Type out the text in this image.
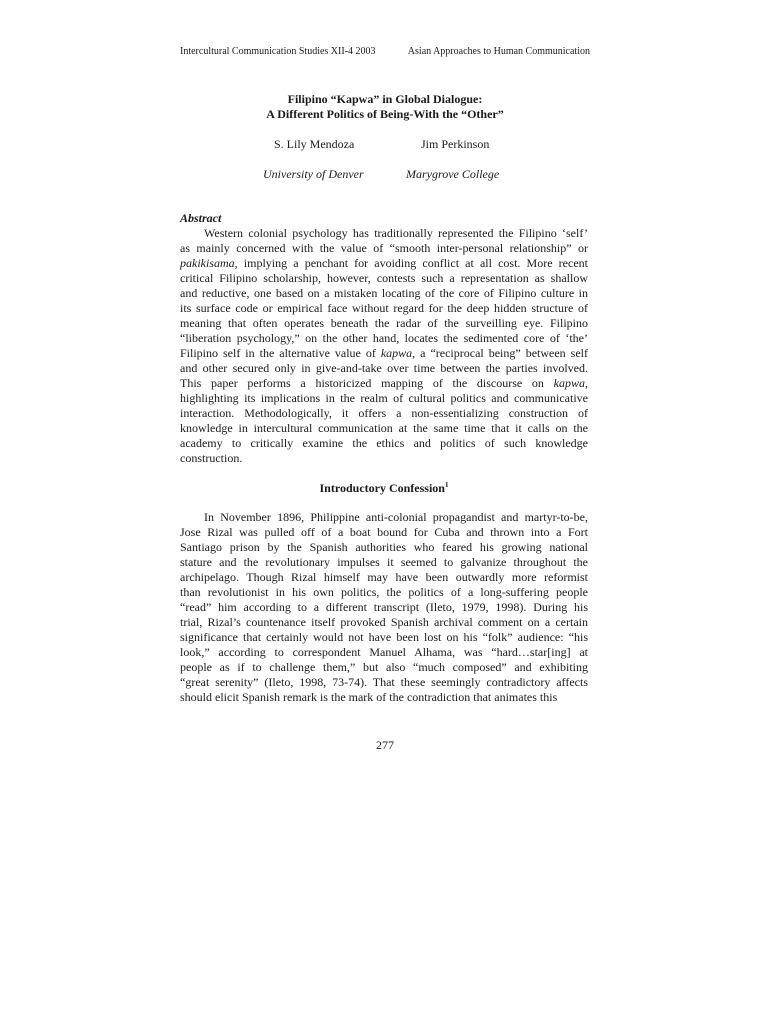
Intercultural Communication Studies XII-4 2003	Asian Approaches to Human Communication
Filipino “Kapwa” in Global Dialogue:
A Different Politics of Being-With the “Other”
S. Lily Mendoza	Jim Perkinson
University of Denver	Marygrove College

Abstract

Western colonial psychology has traditionally represented the Filipino ‘self’
as mainly concerned with the value of “smooth inter-personal relationship” or
pakikisama, implying a penchant for avoiding conflict at all cost. More recent
critical Filipino scholarship, however, contests such a representation as shallow
and reductive, one based on a mistaken locating of the core of Filipino culture in
its surface code or empirical face without regard for the deep hidden structure of
meaning that often operates beneath the radar of the surveilling eye. Filipino
“liberation psychology,” on the other hand, locates the sedimented core of ‘the’
Filipino self in the alternative value of kapwa, a “reciprocal being” between self
and other secured only in give-and-take over time between the parties involved.
This paper performs a historicized mapping of the discourse on kapwa,
highlighting its implications in the realm of cultural politics and communicative
interaction. Methodologically, it offers a non-essentializing construction of
knowledge in intercultural communication at the same time that it calls on the
academy to critically examine the ethics and politics of such knowledge
construction.

Introductory Confession$^1$

In November 1896, Philippine anti-colonial propagandist and martyr-to-be,
Jose Rizal was pulled off of a boat bound for Cuba and thrown into a Fort
Santiago prison by the Spanish authorities who feared his growing national
stature and the revolutionary impulses it seemed to galvanize throughout the
archipelago. Though Rizal himself may have been outwardly more reformist
than revolutionist in his own politics, the politics of a long-suffering people
“read” him according to a different transcript (Ileto, 1979, 1998). During his
trial, Rizal’s countenance itself provoked Spanish archival comment on a certain
significance that certainly would not have been lost on his “folk” audience: “his
look,” according to correspondent Manuel Alhama, was “hard…star[ing] at
people as if to challenge them,” but also “much composed” and exhibiting
“great serenity” (Ileto, 1998, 73-74). That these seemingly contradictory affects
should elicit Spanish remark is the mark of the contradiction that animates this

277
